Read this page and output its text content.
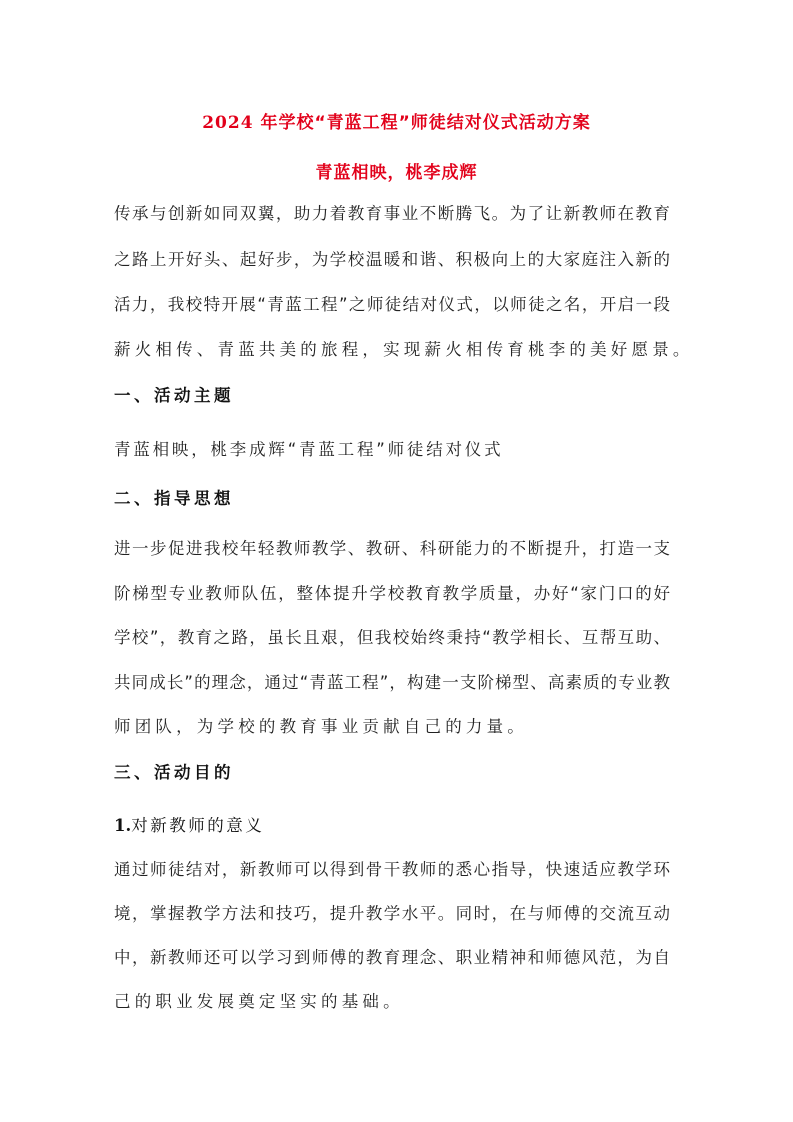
2024 年学校“青蓝工程”师徒结对仪式活动方案
青蓝相映，桃李成辉
传承与创新如同双翼，助力着教育事业不断腾飞。为了让新教师在教育
之路上开好头、起好步，为学校温暖和谐、积极向上的大家庭注入新的
活力，我校特开展“青蓝工程”之师徒结对仪式，以师徒之名，开启一段
薪火相传、青蓝共美的旅程，实现薪火相传育桃李的美好愿景。
一、活动主题
青蓝相映，桃李成辉“青蓝工程”师徒结对仪式
二、指导思想
进一步促进我校年轻教师教学、教研、科研能力的不断提升，打造一支
阶梯型专业教师队伍，整体提升学校教育教学质量，办好“家门口的好
学校”，教育之路，虽长且艰，但我校始终秉持“教学相长、互帮互助、
共同成长”的理念，通过“青蓝工程”，构建一支阶梯型、高素质的专业教
师团队，为学校的教育事业贡献自己的力量。
三、活动目的
1.对新教师的意义
通过师徒结对，新教师可以得到骨干教师的悉心指导，快速适应教学环
境，掌握教学方法和技巧，提升教学水平。同时，在与师傅的交流互动
中，新教师还可以学习到师傅的教育理念、职业精神和师德风范，为自
己的职业发展奠定坚实的基础。
